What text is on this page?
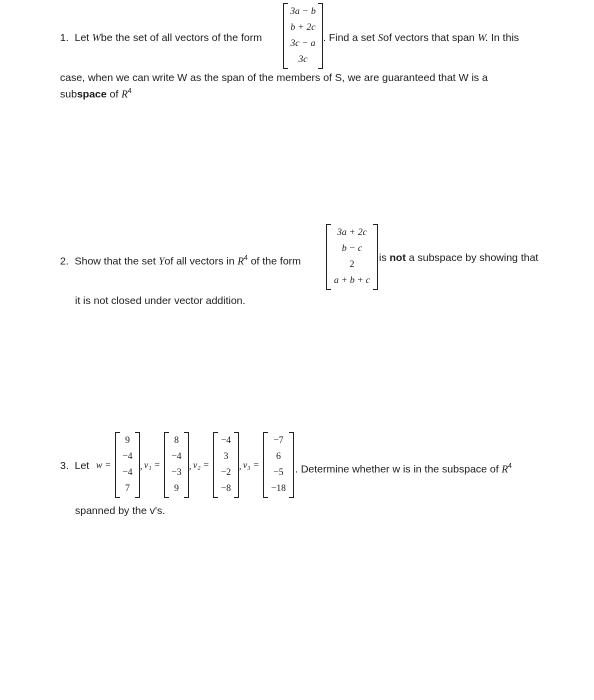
1. Let Wbe the set of all vectors of the form
3a − b
b + 2c
3c − a
3c
. Find a set Sof vectors that span W. In this
case, when we can write W as the span of the members of S, we are guaranteed that W is a
subspace of $R^4$
2. Show that the set Yof all vectors in $R^4$ of the form
3a + 2c
b − c
2
a + b + c
is not a subspace by showing that
it is not closed under vector addition.
3. Let w =
9
−4
−4
7
, v₁ =
8
−4
−3
9
, v₂ =
−4
3
−2
−8
, v₃ =
−7
6
−5
−18
. Determine whether w is in the subspace of $R^4$
spanned by the v's.
